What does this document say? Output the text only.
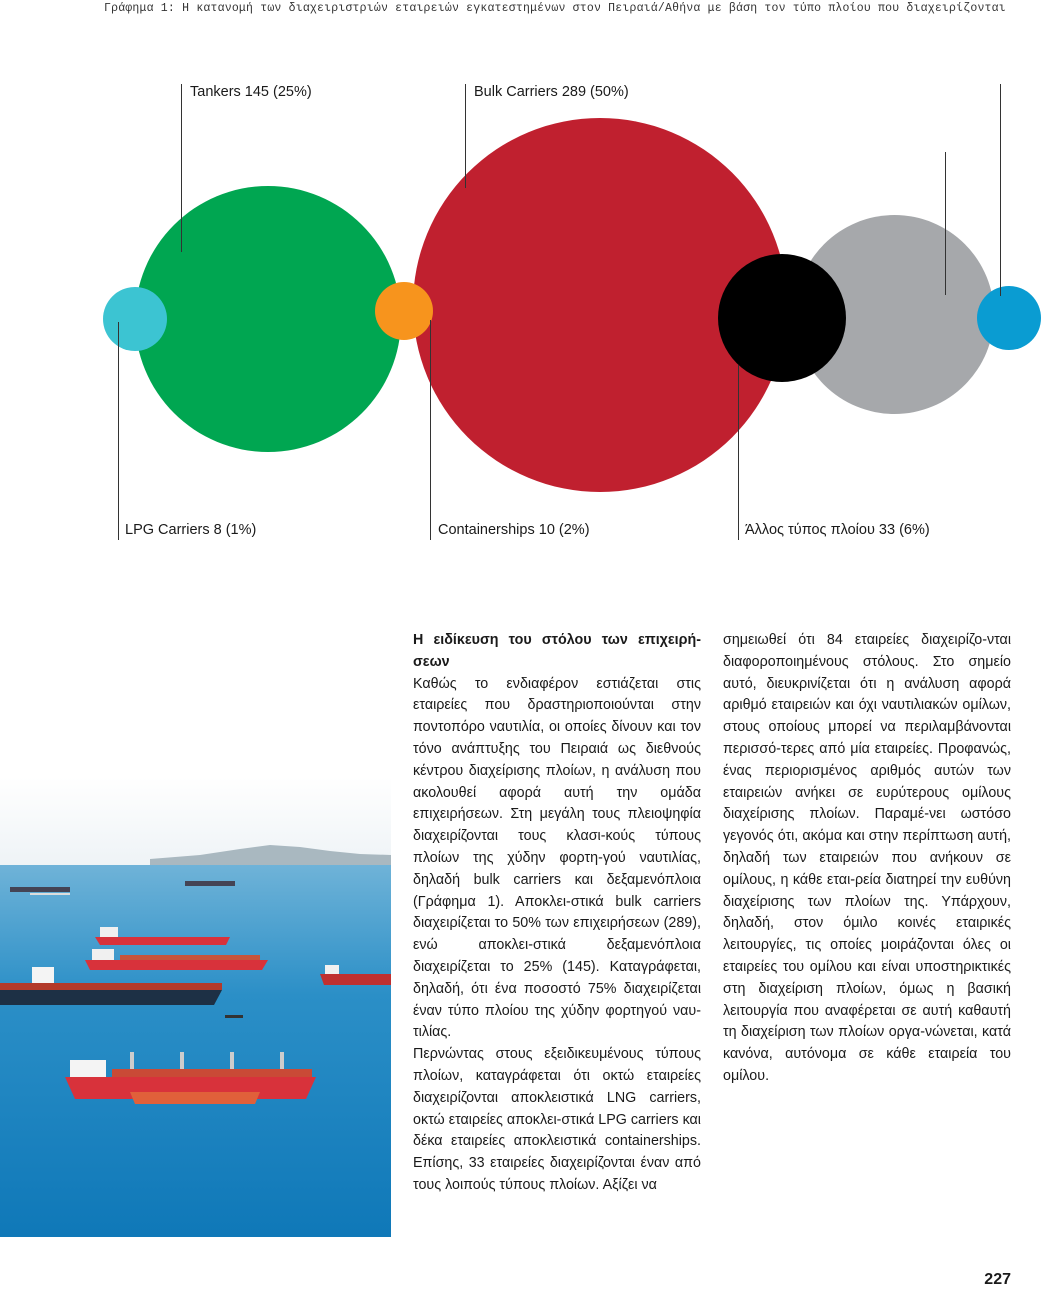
Γράφημα 1: Η κατανομή των διαχειριστριών εταιρειών εγκατεστημένων στον Πειραιά/Αθήνα με βάση τον τύπο πλοίου που διαχειρίζονται
Tankers 145 (25%)	Bulk Carriers 289 (50%)
LPG Carriers 8 (1%)	Containerships 10 (2%)	Άλλος τύπος πλοίου 33 (6%)
Η ειδίκευση του στόλου των επιχειρή-σεων

Καθώς το ενδιαφέρον εστιάζεται στις εταιρείες που δραστηριοποιούνται στην ποντοπόρο ναυτιλία, οι οποίες δίνουν και τον τόνο ανάπτυξης του Πειραιά ως διεθνούς κέντρου διαχείρισης πλοίων, η ανάλυση που ακολουθεί αφορά αυτή την ομάδα επιχειρήσεων. Στη μεγάλη τους πλειοψηφία διαχειρίζονται τους κλασι-κούς τύπους πλοίων της χύδην φορτη-γού ναυτιλίας, δηλαδή bulk carriers και δεξαμενόπλοια (Γράφημα 1). Αποκλει-στικά bulk carriers διαχειρίζεται το 50% των επιχειρήσεων (289), ενώ αποκλει-στικά δεξαμενόπλοια διαχειρίζεται το 25% (145). Καταγράφεται, δηλαδή, ότι ένα ποσοστό 75% διαχειρίζεται έναν τύπο πλοίου της χύδην φορτηγού ναυ-τιλίας.

Περνώντας στους εξειδικευμένους τύπους πλοίων, καταγράφεται ότι οκτώ εταιρείες διαχειρίζονται αποκλειστικά LNG carriers, οκτώ εταιρείες αποκλει-στικά LPG carriers και δέκα εταιρείες αποκλειστικά containerships. Επίσης, 33 εταιρείες διαχειρίζονται έναν από τους λοιπούς τύπους πλοίων. Αξίζει να

σημειωθεί ότι 84 εταιρείες διαχειρίζο-νται διαφοροποιημένους στόλους. Στο σημείο αυτό, διευκρινίζεται ότι η ανάλυση αφορά αριθμό εταιρειών και όχι ναυτιλιακών ομίλων, στους οποίους μπορεί να περιλαμβάνονται περισσό-τερες από μία εταιρείες. Προφανώς, ένας περιορισμένος αριθμός αυτών των εταιρειών ανήκει σε ευρύτερους ομίλους διαχείρισης πλοίων. Παραμέ-νει ωστόσο γεγονός ότι, ακόμα και στην περίπτωση αυτή, δηλαδή των εταιρειών που ανήκουν σε ομίλους, η κάθε εται-ρεία διατηρεί την ευθύνη διαχείρισης των πλοίων της. Υπάρχουν, δηλαδή, στον όμιλο κοινές εταιρικές λειτουργίες, τις οποίες μοιράζονται όλες οι εταιρείες του ομίλου και είναι υποστηρικτικές στη διαχείριση πλοίων, όμως η βασική λειτουργία που αναφέρεται σε αυτή καθαυτή τη διαχείριση των πλοίων οργα-νώνεται, κατά κανόνα, αυτόνομα σε κάθε εταιρεία του ομίλου.

227
